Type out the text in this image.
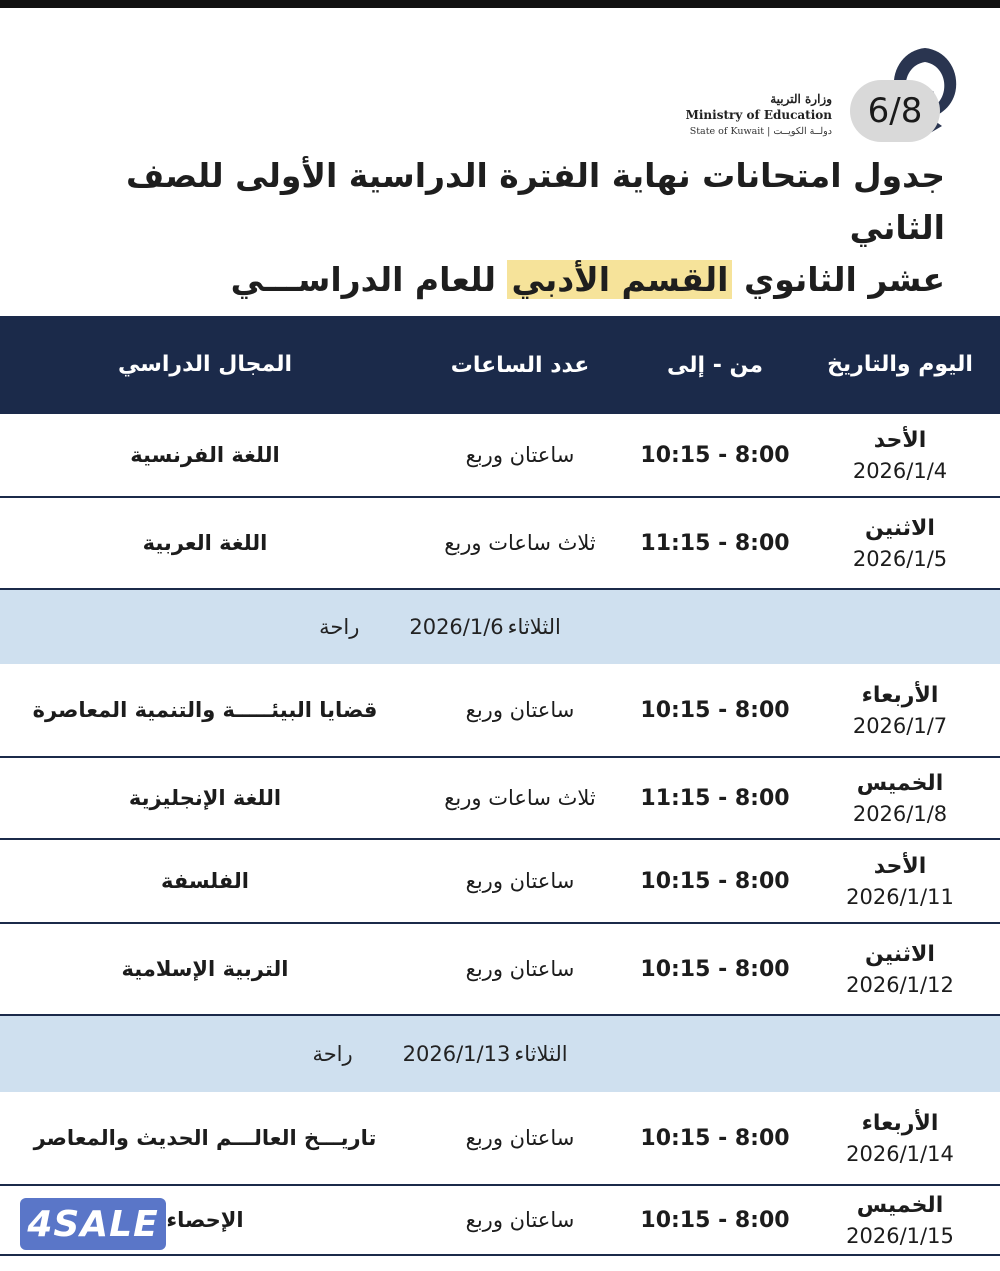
6/8
وزارة التربية
Ministry of Education
State of Kuwait | دولــة الكويــت
جدول امتحانات نهاية الفترة الدراسية الأولى للصف الثاني
عشر الثانوي القسم الأدبي للعام الدراســـي
اليوم والتاريخ
من - إلى
عدد الساعات
المجال الدراسي
الأحد
2026/1/4
10:15 - 8:00
ساعتان وربع
اللغة الفرنسية
الاثنين
2026/1/5
11:15 - 8:00
ثلاث ساعات وربع
اللغة العربية
الثلاثاء
2026/1/6
راحة
الأربعاء
2026/1/7
10:15 - 8:00
ساعتان وربع
قضايا البيئـــــة والتنمية المعاصرة
الخميس
2026/1/8
11:15 - 8:00
ثلاث ساعات وربع
اللغة الإنجليزية
الأحد
2026/1/11
10:15 - 8:00
ساعتان وربع
الفلسفة
الاثنين
2026/1/12
10:15 - 8:00
ساعتان وربع
التربية الإسلامية
الثلاثاء
2026/1/13
راحة
الأربعاء
2026/1/14
10:15 - 8:00
ساعتان وربع
تاريـــخ العالـــم الحديث والمعاصر
الخميس
2026/1/15
10:15 - 8:00
ساعتان وربع
الإحصاء
4SALE
